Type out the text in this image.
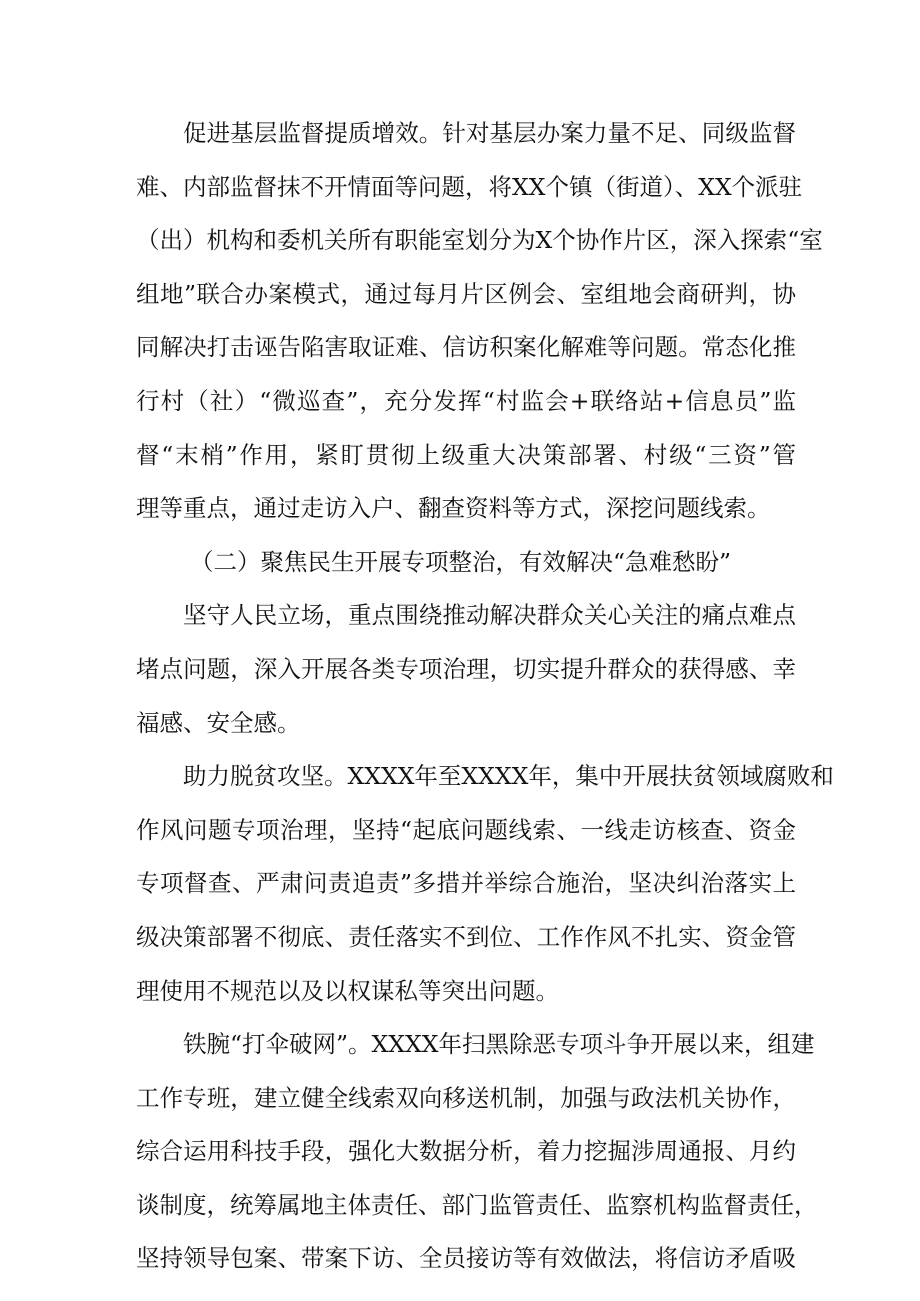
促进基层监督提质增效。针对基层办案力量不足、同级监督
难、内部监督抹不开情面等问题，将XX个镇（街道）、XX个派驻
（出）机构和委机关所有职能室划分为X个协作片区，深入探索“室
组地”联合办案模式，通过每月片区例会、室组地会商研判，协
同解决打击诬告陷害取证难、信访积案化解难等问题。常态化推
行村（社）“微巡查”，充分发挥“村监会+联络站+信息员”监
督“末梢”作用，紧盯贯彻上级重大决策部署、村级“三资”管
理等重点，通过走访入户、翻查资料等方式，深挖问题线索。
（二）聚焦民生开展专项整治，有效解决“急难愁盼”
坚守人民立场，重点围绕推动解决群众关心关注的痛点难点
堵点问题，深入开展各类专项治理，切实提升群众的获得感、幸
福感、安全感。
助力脱贫攻坚。XXXX年至XXXX年，集中开展扶贫领域腐败和
作风问题专项治理，坚持“起底问题线索、一线走访核查、资金
专项督查、严肃问责追责”多措并举综合施治，坚决纠治落实上
级决策部署不彻底、责任落实不到位、工作作风不扎实、资金管
理使用不规范以及以权谋私等突出问题。
铁腕“打伞破网”。XXXX年扫黑除恶专项斗争开展以来，组建
工作专班，建立健全线索双向移送机制，加强与政法机关协作，
综合运用科技手段，强化大数据分析，着力挖掘涉周通报、月约
谈制度，统筹属地主体责任、部门监管责任、监察机构监督责任，
坚持领导包案、带案下访、全员接访等有效做法，将信访矛盾吸
